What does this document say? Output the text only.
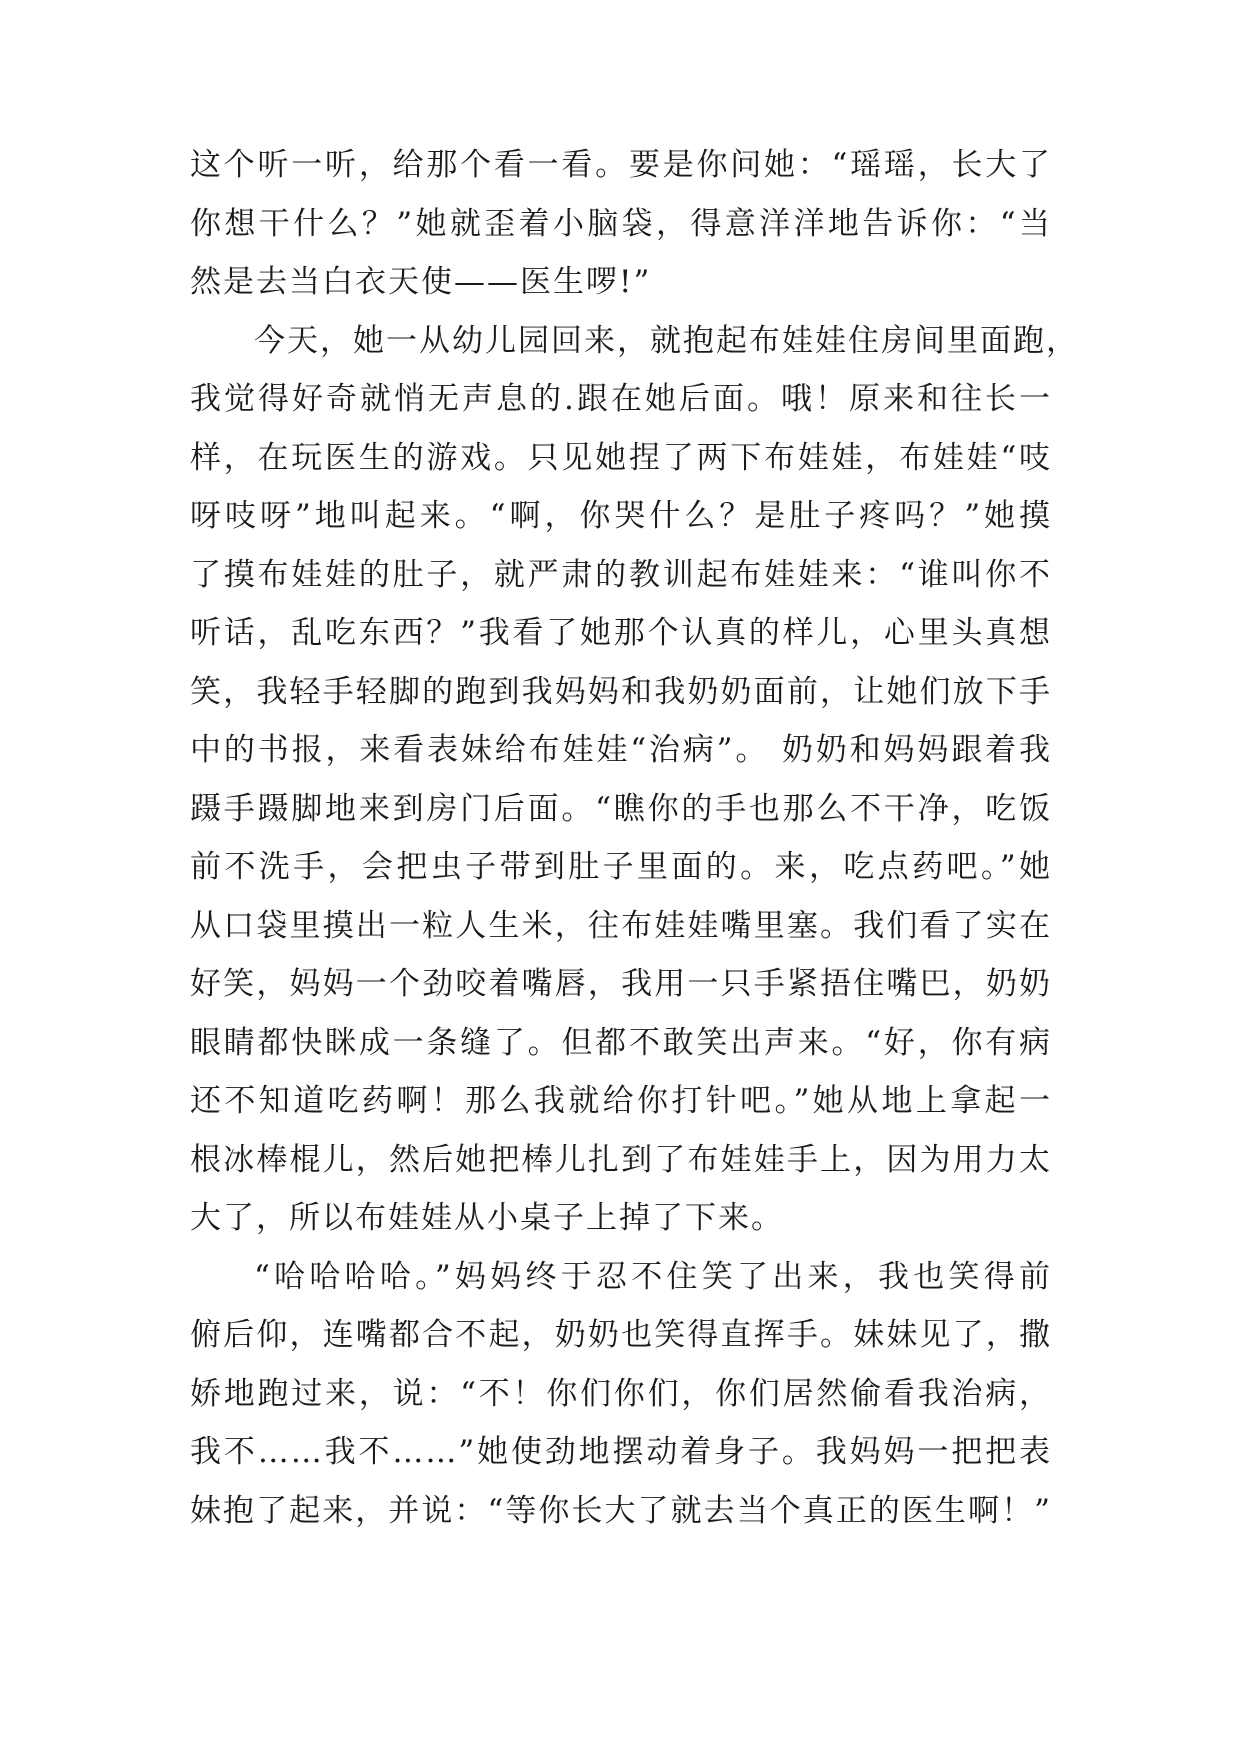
这个听一听，给那个看一看。要是你问她：“瑶瑶，长大了
你想干什么？”她就歪着小脑袋，得意洋洋地告诉你：“当
然是去当白衣天使——医生啰!”
今天，她一从幼儿园回来，就抱起布娃娃住房间里面跑，
我觉得好奇就悄无声息的.跟在她后面。哦！原来和往长一
样，在玩医生的游戏。只见她捏了两下布娃娃，布娃娃“吱
呀吱呀”地叫起来。“啊，你哭什么？是肚子疼吗？”她摸
了摸布娃娃的肚子，就严肃的教训起布娃娃来：“谁叫你不
听话，乱吃东西？”我看了她那个认真的样儿，心里头真想
笑，我轻手轻脚的跑到我妈妈和我奶奶面前，让她们放下手
中的书报，来看表妹给布娃娃“治病”。 奶奶和妈妈跟着我
蹑手蹑脚地来到房门后面。“瞧你的手也那么不干净，吃饭
前不洗手，会把虫子带到肚子里面的。来，吃点药吧。”她
从口袋里摸出一粒人生米，往布娃娃嘴里塞。我们看了实在
好笑，妈妈一个劲咬着嘴唇，我用一只手紧捂住嘴巴，奶奶
眼睛都快眯成一条缝了。但都不敢笑出声来。“好，你有病
还不知道吃药啊！那么我就给你打针吧。”她从地上拿起一
根冰棒棍儿，然后她把棒儿扎到了布娃娃手上，因为用力太
大了，所以布娃娃从小桌子上掉了下来。
“哈哈哈哈。”妈妈终于忍不住笑了出来，我也笑得前
俯后仰，连嘴都合不起，奶奶也笑得直挥手。妹妹见了，撒
娇地跑过来，说：“不！你们你们，你们居然偷看我治病，
我不……我不……”她使劲地摆动着身子。我妈妈一把把表
妹抱了起来，并说：“等你长大了就去当个真正的医生啊！”
